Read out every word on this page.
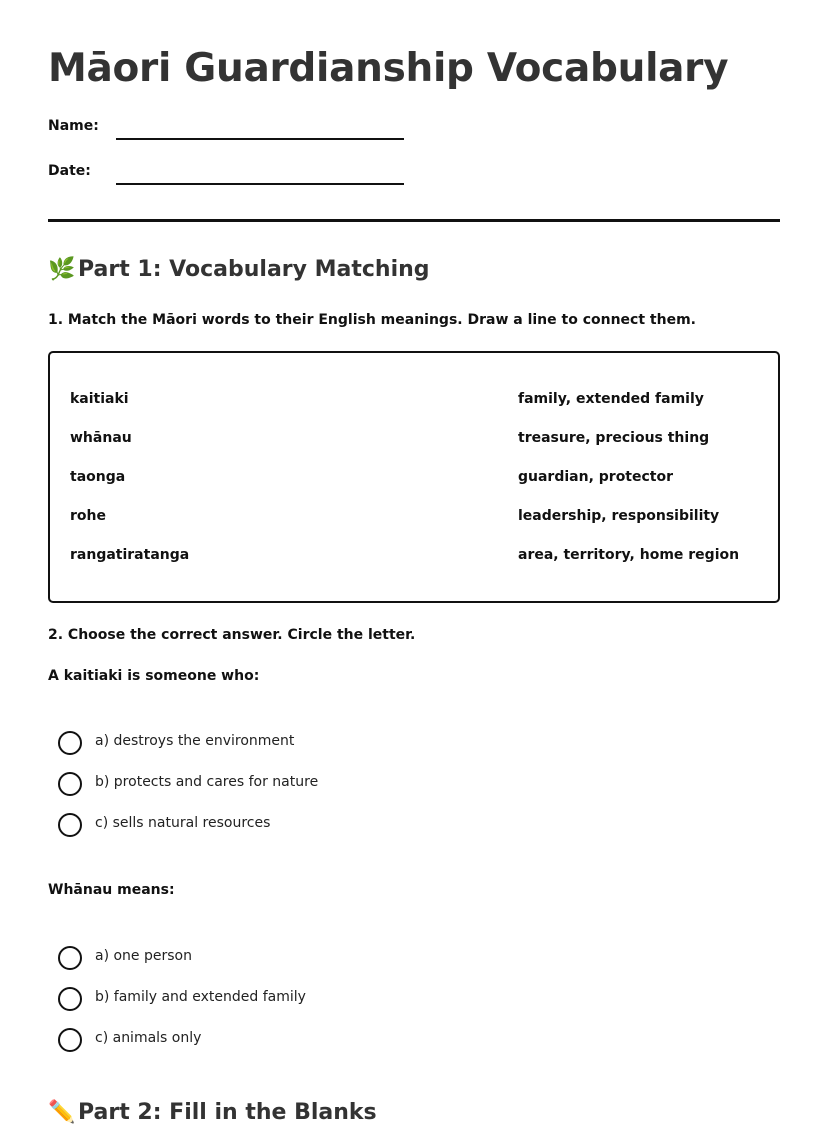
Māori Guardianship Vocabulary
Name:
Date:
🌿 Part 1: Vocabulary Matching
1. Match the Māori words to their English meanings. Draw a line to connect them.
kaitiaki
whānau
taonga
rohe
rangatiratanga
family, extended family
treasure, precious thing
guardian, protector
leadership, responsibility
area, territory, home region
2. Choose the correct answer. Circle the letter.
A kaitiaki is someone who:
a) destroys the environment
b) protects and cares for nature
c) sells natural resources
Whānau means:
a) one person
b) family and extended family
c) animals only
✏️ Part 2: Fill in the Blanks
